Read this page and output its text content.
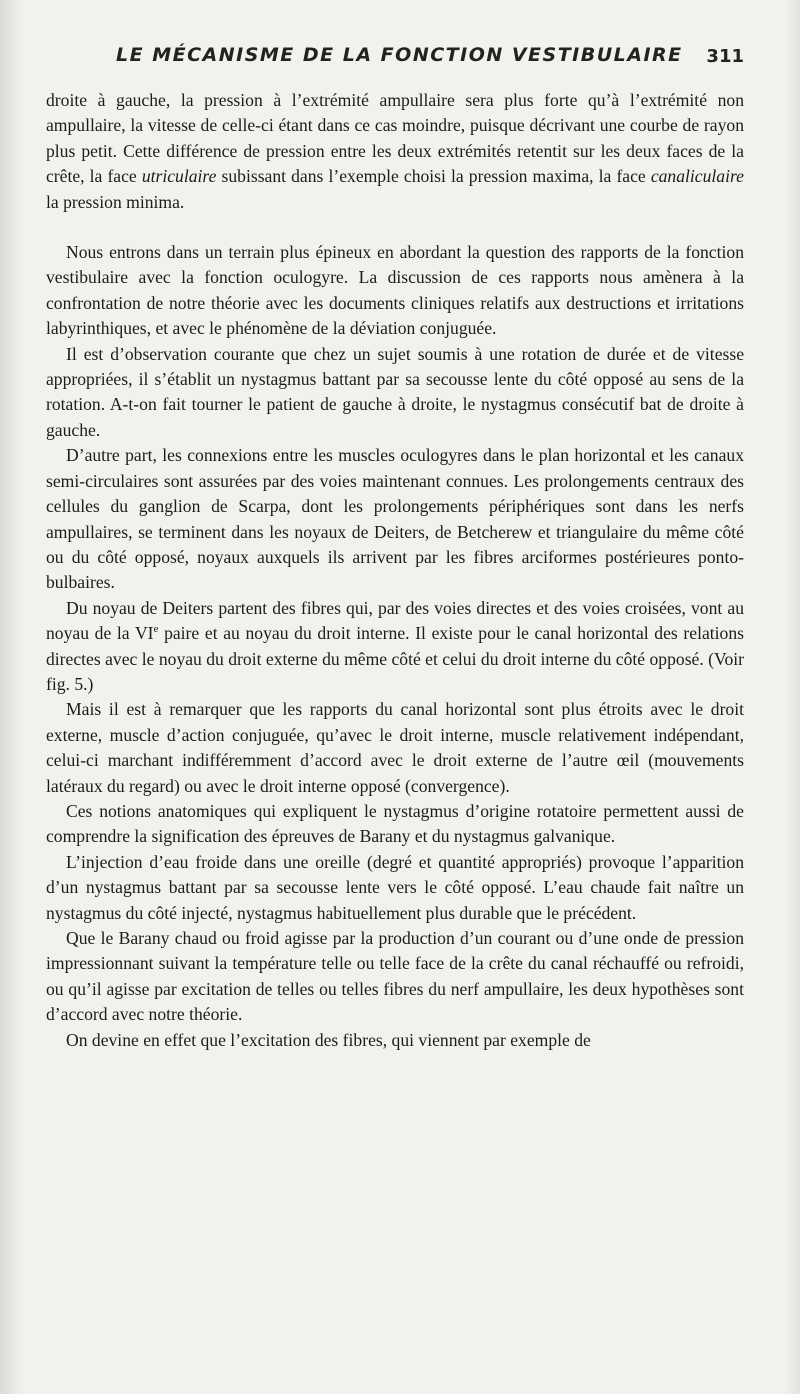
LE MÉCANISME DE LA FONCTION VESTIBULAIRE 311

droite à gauche, la pression à l’extrémité ampullaire sera plus forte qu’à l’extrémité non ampullaire, la vitesse de celle-ci étant dans ce cas moindre, puisque décrivant une courbe de rayon plus petit. Cette différence de pression entre les deux extrémités retentit sur les deux faces de la crête, la face utriculaire subissant dans l’exemple choisi la pression maxima, la face canaliculaire la pression minima.

Nous entrons dans un terrain plus épineux en abordant la question des rapports de la fonction vestibulaire avec la fonction oculogyre. La discussion de ces rapports nous amènera à la confrontation de notre théorie avec les documents cliniques relatifs aux destructions et irritations labyrinthiques, et avec le phénomène de la déviation conjuguée.

Il est d’observation courante que chez un sujet soumis à une rotation de durée et de vitesse appropriées, il s’établit un nystagmus battant par sa secousse lente du côté opposé au sens de la rotation. A-t-on fait tourner le patient de gauche à droite, le nystagmus consécutif bat de droite à gauche.

D’autre part, les connexions entre les muscles oculogyres dans le plan horizontal et les canaux semi-circulaires sont assurées par des voies maintenant connues. Les prolongements centraux des cellules du ganglion de Scarpa, dont les prolongements périphériques sont dans les nerfs ampullaires, se terminent dans les noyaux de Deiters, de Betcherew et triangulaire du même côté ou du côté opposé, noyaux auxquels ils arrivent par les fibres arciformes postérieures ponto-bulbaires.

Du noyau de Deiters partent des fibres qui, par des voies directes et des voies croisées, vont au noyau de la VIe paire et au noyau du droit interne. Il existe pour le canal horizontal des relations directes avec le noyau du droit externe du même côté et celui du droit interne du côté opposé. (Voir fig. 5.)

Mais il est à remarquer que les rapports du canal horizontal sont plus étroits avec le droit externe, muscle d’action conjuguée, qu’avec le droit interne, muscle relativement indépendant, celui-ci marchant indifféremment d’accord avec le droit externe de l’autre œil (mouvements latéraux du regard) ou avec le droit interne opposé (convergence).

Ces notions anatomiques qui expliquent le nystagmus d’origine rotatoire permettent aussi de comprendre la signification des épreuves de Barany et du nystagmus galvanique.

L’injection d’eau froide dans une oreille (degré et quantité appropriés) provoque l’apparition d’un nystagmus battant par sa secousse lente vers le côté opposé. L’eau chaude fait naître un nystagmus du côté injecté, nystagmus habituellement plus durable que le précédent.

Que le Barany chaud ou froid agisse par la production d’un courant ou d’une onde de pression impressionnant suivant la température telle ou telle face de la crête du canal réchauffé ou refroidi, ou qu’il agisse par excitation de telles ou telles fibres du nerf ampullaire, les deux hypothèses sont d’accord avec notre théorie.

On devine en effet que l’excitation des fibres, qui viennent par exemple de
